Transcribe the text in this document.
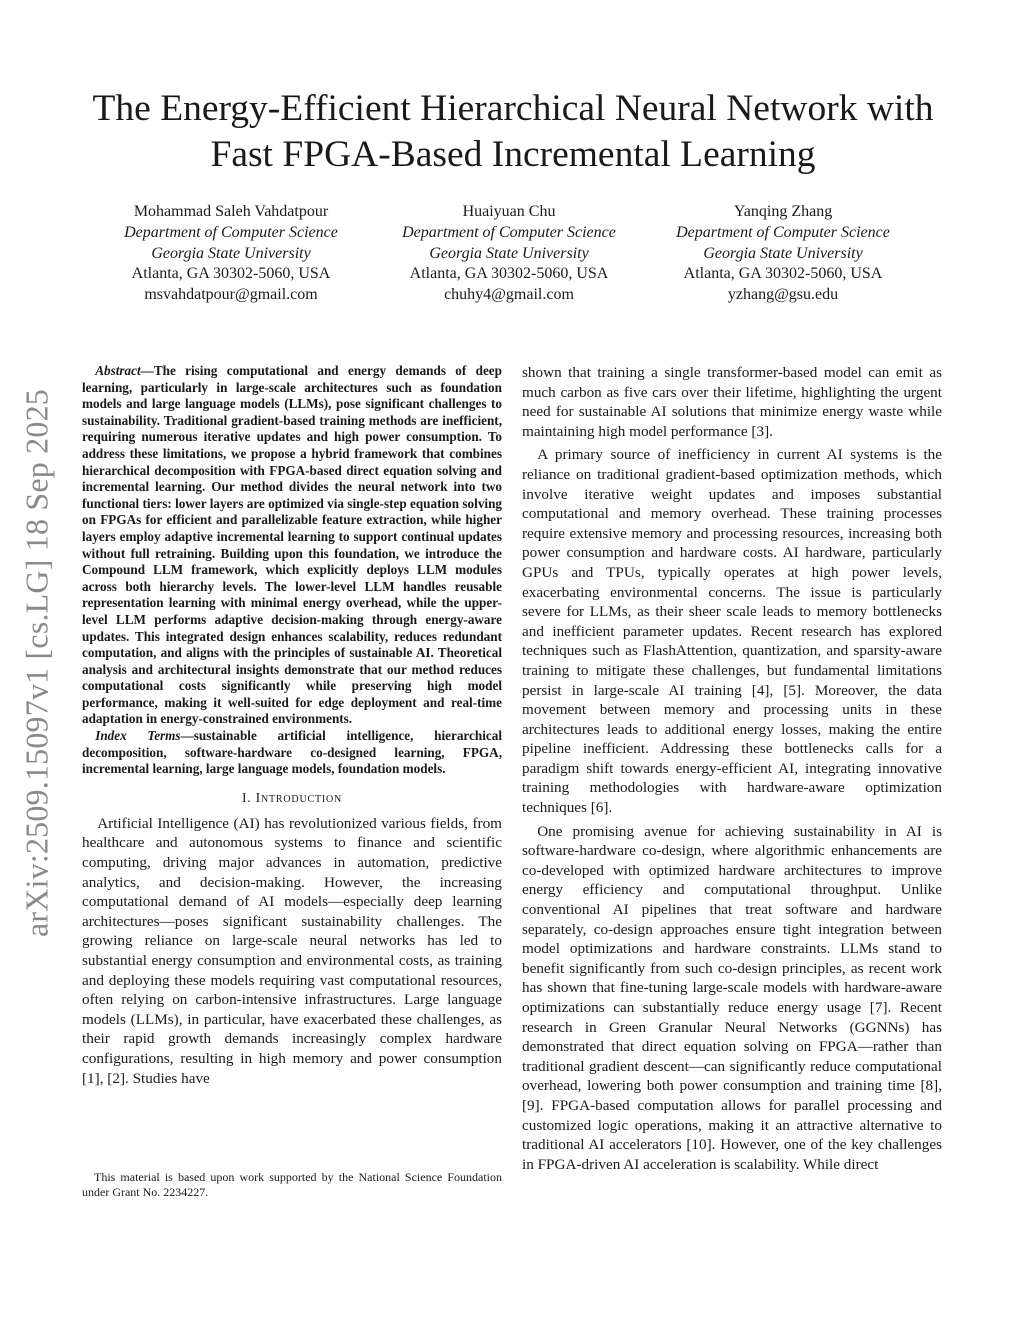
arXiv:2509.15097v1 [cs.LG] 18 Sep 2025
The Energy-Efficient Hierarchical Neural Network with Fast FPGA-Based Incremental Learning
Mohammad Saleh Vahdatpour
Department of Computer Science
Georgia State University
Atlanta, GA 30302-5060, USA
msvahdatpour@gmail.com
Huaiyuan Chu
Department of Computer Science
Georgia State University
Atlanta, GA 30302-5060, USA
chuhy4@gmail.com
Yanqing Zhang
Department of Computer Science
Georgia State University
Atlanta, GA 30302-5060, USA
yzhang@gsu.edu

Abstract—The rising computational and energy demands of deep learning, particularly in large-scale architectures such as foundation models and large language models (LLMs), pose significant challenges to sustainability. Traditional gradient-based training methods are inefficient, requiring numerous iterative updates and high power consumption. To address these limitations, we propose a hybrid framework that combines hierarchical decomposition with FPGA-based direct equation solving and incremental learning. Our method divides the neural network into two functional tiers: lower layers are optimized via single-step equation solving on FPGAs for efficient and parallelizable feature extraction, while higher layers employ adaptive incremental learning to support continual updates without full retraining. Building upon this foundation, we introduce the Compound LLM framework, which explicitly deploys LLM modules across both hierarchy levels. The lower-level LLM handles reusable representation learning with minimal energy overhead, while the upper-level LLM performs adaptive decision-making through energy-aware updates. This integrated design enhances scalability, reduces redundant computation, and aligns with the principles of sustainable AI. Theoretical analysis and architectural insights demonstrate that our method reduces computational costs significantly while preserving high model performance, making it well-suited for edge deployment and real-time adaptation in energy-constrained environments.

Index Terms—sustainable artificial intelligence, hierarchical decomposition, software-hardware co-designed learning, FPGA, incremental learning, large language models, foundation models.

I. Introduction

Artificial Intelligence (AI) has revolutionized various fields, from healthcare and autonomous systems to finance and scientific computing, driving major advances in automation, predictive analytics, and decision-making. However, the increasing computational demand of AI models—especially deep learning architectures—poses significant sustainability challenges. The growing reliance on large-scale neural networks has led to substantial energy consumption and environmental costs, as training and deploying these models requiring vast computational resources, often relying on carbon-intensive infrastructures. Large language models (LLMs), in particular, have exacerbated these challenges, as their rapid growth demands increasingly complex hardware configurations, resulting in high memory and power consumption [1], [2]. Studies have

This material is based upon work supported by the National Science Foundation under Grant No. 2234227.

shown that training a single transformer-based model can emit as much carbon as five cars over their lifetime, highlighting the urgent need for sustainable AI solutions that minimize energy waste while maintaining high model performance [3].

A primary source of inefficiency in current AI systems is the reliance on traditional gradient-based optimization methods, which involve iterative weight updates and imposes substantial computational and memory overhead. These training processes require extensive memory and processing resources, increasing both power consumption and hardware costs. AI hardware, particularly GPUs and TPUs, typically operates at high power levels, exacerbating environmental concerns. The issue is particularly severe for LLMs, as their sheer scale leads to memory bottlenecks and inefficient parameter updates. Recent research has explored techniques such as FlashAttention, quantization, and sparsity-aware training to mitigate these challenges, but fundamental limitations persist in large-scale AI training [4], [5]. Moreover, the data movement between memory and processing units in these architectures leads to additional energy losses, making the entire pipeline inefficient. Addressing these bottlenecks calls for a paradigm shift towards energy-efficient AI, integrating innovative training methodologies with hardware-aware optimization techniques [6].

One promising avenue for achieving sustainability in AI is software-hardware co-design, where algorithmic enhancements are co-developed with optimized hardware architectures to improve energy efficiency and computational throughput. Unlike conventional AI pipelines that treat software and hardware separately, co-design approaches ensure tight integration between model optimizations and hardware constraints. LLMs stand to benefit significantly from such co-design principles, as recent work has shown that fine-tuning large-scale models with hardware-aware optimizations can substantially reduce energy usage [7]. Recent research in Green Granular Neural Networks (GGNNs) has demonstrated that direct equation solving on FPGA—rather than traditional gradient descent—can significantly reduce computational overhead, lowering both power consumption and training time [8], [9]. FPGA-based computation allows for parallel processing and customized logic operations, making it an attractive alternative to traditional AI accelerators [10]. However, one of the key challenges in FPGA-driven AI acceleration is scalability. While direct
